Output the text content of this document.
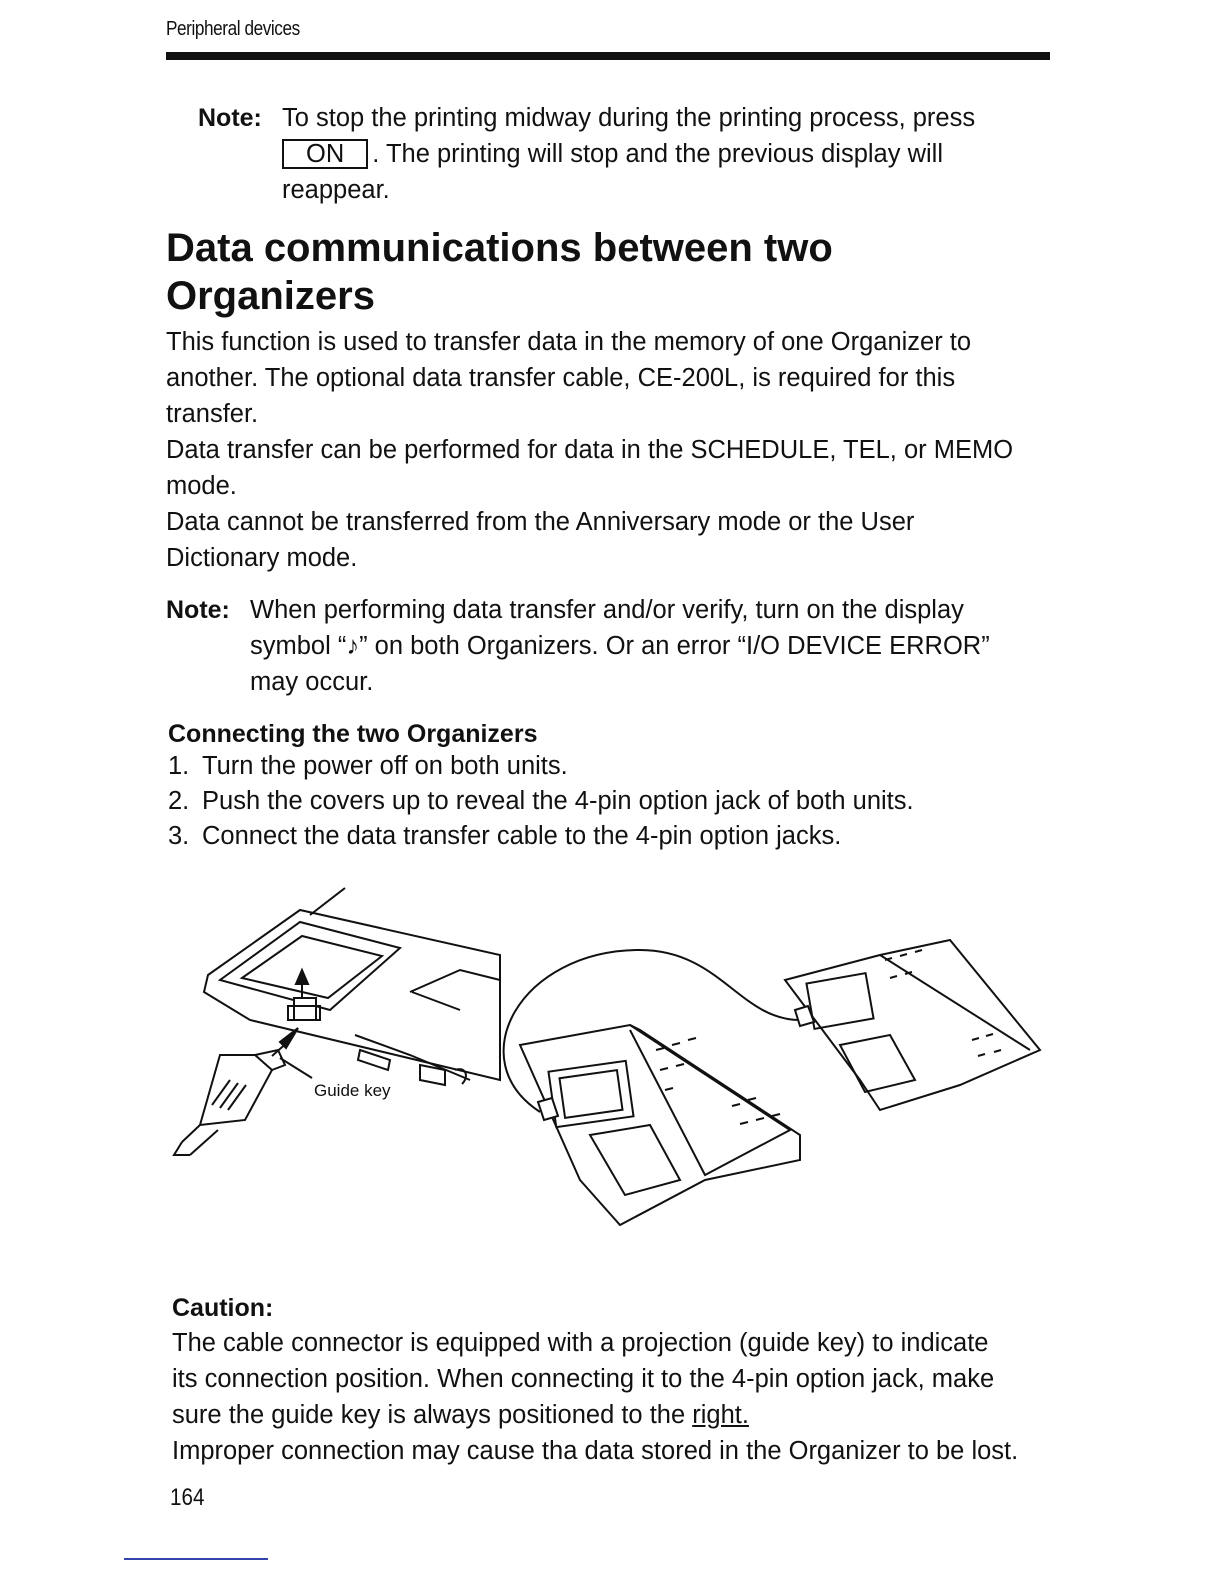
Peripheral devices
Note: To stop the printing midway during the printing process, press
ON . The printing will stop and the previous display will
reappear.
Data communications between two
Organizers
This function is used to transfer data in the memory of one Organizer to
another. The optional data transfer cable, CE-200L, is required for this
transfer.
Data transfer can be performed for data in the SCHEDULE, TEL, or MEMO
mode.
Data cannot be transferred from the Anniversary mode or the User
Dictionary mode.
Note: When performing data transfer and/or verify, turn on the display
symbol “♪” on both Organizers. Or an error “I/O DEVICE ERROR”
may occur.
Connecting the two Organizers
1. Turn the power off on both units.
2. Push the covers up to reveal the 4-pin option jack of both units.
3. Connect the data transfer cable to the 4-pin option jacks.
Guide key
Caution:
The cable connector is equipped with a projection (guide key) to indicate
its connection position. When connecting it to the 4-pin option jack, make
sure the guide key is always positioned to the right.
Improper connection may cause tha data stored in the Organizer to be lost.
164
